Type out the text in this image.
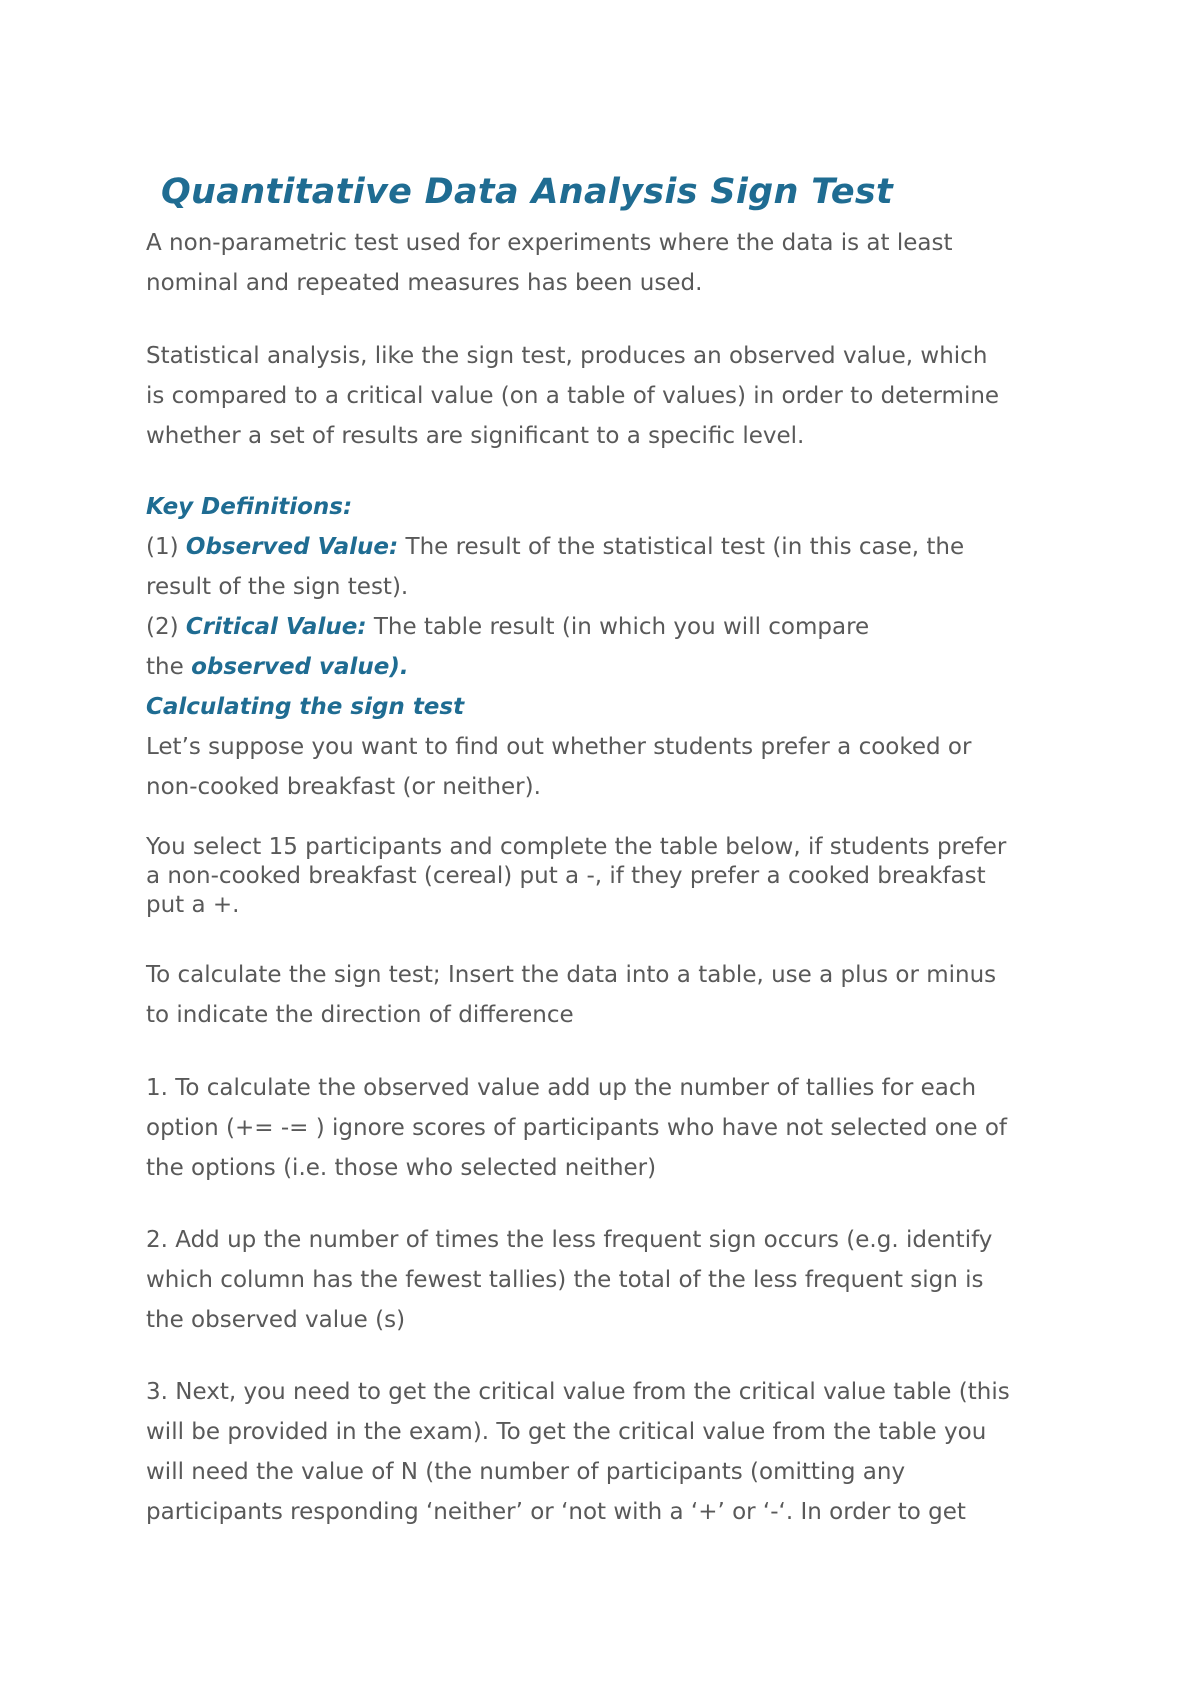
Quantitative Data Analysis Sign Test
A non-parametric test used for experiments where the data is at least
nominal and repeated measures has been used.
Statistical analysis, like the sign test, produces an observed value, which
is compared to a critical value (on a table of values) in order to determine
whether a set of results are significant to a specific level.
Key Definitions:
(1) Observed Value: The result of the statistical test (in this case, the
result of the sign test).
(2) Critical Value: The table result (in which you will compare
the observed value).
Calculating the sign test
Let’s suppose you want to find out whether students prefer a cooked or
non-cooked breakfast (or neither).
You select 15 participants and complete the table below, if students prefer
a non-cooked breakfast (cereal) put a -, if they prefer a cooked breakfast
put a +.
To calculate the sign test; Insert the data into a table, use a plus or minus
to indicate the direction of difference
1. To calculate the observed value add up the number of tallies for each
option (+= -= ) ignore scores of participants who have not selected one of
the options (i.e. those who selected neither)
2. Add up the number of times the less frequent sign occurs (e.g. identify
which column has the fewest tallies) the total of the less frequent sign is
the observed value (s)
3. Next, you need to get the critical value from the critical value table (this
will be provided in the exam). To get the critical value from the table you
will need the value of N (the number of participants (omitting any
participants responding ‘neither’ or ‘not with a ‘+’ or ‘-‘. In order to get
